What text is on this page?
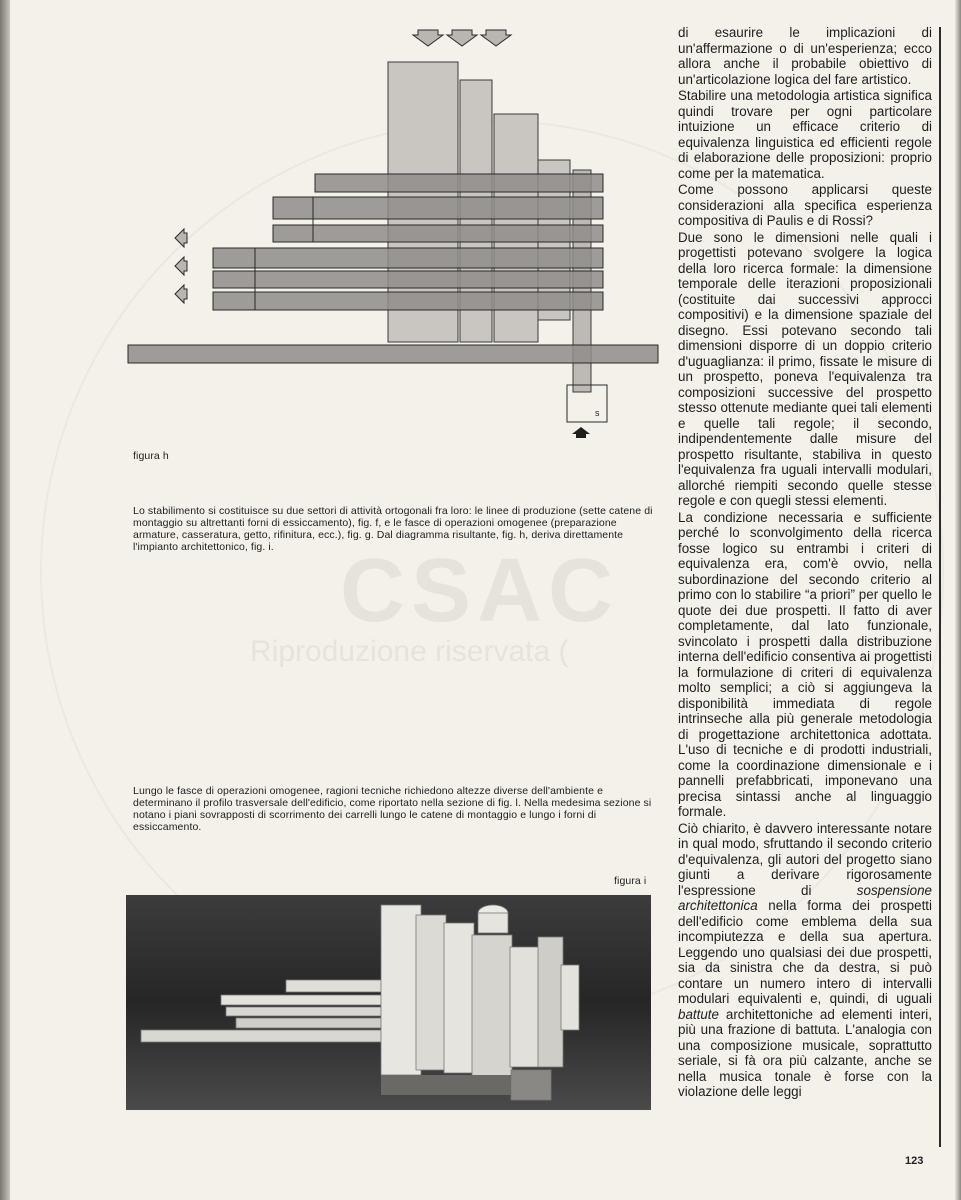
CSAC
Riproduzione riservata (
s
figura h
Lo stabilimento si costituisce su due settori di attività ortogonali fra loro: le linee di produzione (sette catene di montaggio su altrettanti forni di essiccamento), fig. f, e le fasce di operazioni omogenee (preparazione armature, casseratura, getto, rifinitura, ecc.), fig. g. Dal diagramma risultante, fig. h, deriva direttamente l'impianto architettonico, fig. i.
Lungo le fasce di operazioni omogenee, ragioni tecniche richiedono altezze diverse dell'ambiente e determinano il profilo trasversale dell'edificio, come riportato nella sezione di fig. l. Nella medesima sezione si notano i piani sovrapposti di scorrimento dei carrelli lungo le catene di montaggio e lungo i forni di essiccamento.
figura i

di esaurire le implicazioni di un'affermazione o di un'esperienza; ecco allora anche il probabile obiettivo di un'articolazione logica del fare artistico.

Stabilire una metodologia artistica significa quindi trovare per ogni particolare intuizione un efficace criterio di equivalenza linguistica ed efficienti regole di elaborazione delle proposizioni: proprio come per la matematica.

Come possono applicarsi queste considerazioni alla specifica esperienza compositiva di Paulis e di Rossi?

Due sono le dimensioni nelle quali i progettisti potevano svolgere la logica della loro ricerca formale: la dimensione temporale delle iterazioni proposizionali (costituite dai successivi approcci compositivi) e la dimensione spaziale del disegno. Essi potevano secondo tali dimensioni disporre di un doppio criterio d'uguaglianza: il primo, fissate le misure di un prospetto, poneva l'equivalenza tra composizioni successive del prospetto stesso ottenute mediante quei tali elementi e quelle tali regole; il secondo, indipendentemente dalle misure del prospetto risultante, stabiliva in questo l'equivalenza fra uguali intervalli modulari, allorché riempiti secondo quelle stesse regole e con quegli stessi elementi.

La condizione necessaria e sufficiente perché lo sconvolgimento della ricerca fosse logico su entrambi i criteri di equivalenza era, com'è ovvio, nella subordinazione del secondo criterio al primo con lo stabilire “a priori” per quello le quote dei due prospetti. Il fatto di aver completamente, dal lato funzionale, svincolato i prospetti dalla distribuzione interna dell'edificio consentiva ai progettisti la formulazione di criteri di equivalenza molto semplici; a ciò si aggiungeva la disponibilità immediata di regole intrinseche alla più generale metodologia di progettazione architettonica adottata. L'uso di tecniche e di prodotti industriali, come la coordinazione dimensionale e i pannelli prefabbricati, imponevano una precisa sintassi anche al linguaggio formale.

Ciò chiarito, è davvero interessante notare in qual modo, sfruttando il secondo criterio d'equivalenza, gli autori del progetto siano giunti a derivare rigorosamente l'espressione di sospensione architettonica nella forma dei prospetti dell'edificio come emblema della sua incompiutezza e della sua apertura. Leggendo uno qualsiasi dei due prospetti, sia da sinistra che da destra, si può contare un numero intero di intervalli modulari equivalenti e, quindi, di uguali battute architettoniche ad elementi interi, più una frazione di battuta. L'analogia con una composizione musicale, soprattutto seriale, si fà ora più calzante, anche se nella musica tonale è forse con la violazione delle leggi

123
